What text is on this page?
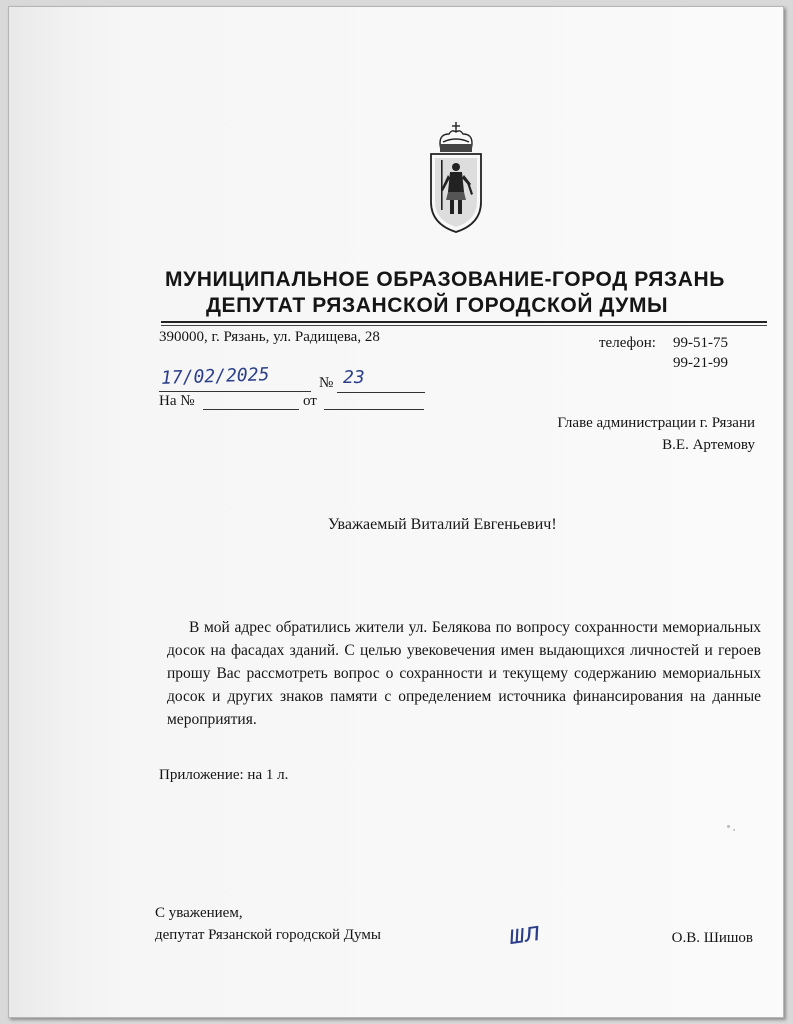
МУНИЦИПАЛЬНОЕ ОБРАЗОВАНИЕ-ГОРОД РЯЗАНЬ
ДЕПУТАТ РЯЗАНСКОЙ ГОРОДСКОЙ ДУМЫ
390000, г. Рязань, ул. Радищева, 28	телефон: 99-51-75
99-21-99
17/02/2025	№ 23
На №	от
Главе администрации г. Рязани
В.Е. Артемову
Уважаемый Виталий Евгеньевич!

В мой адрес обратились жители ул. Белякова по вопросу сохранности мемориальных досок на фасадах зданий. С целью увековечения имен выдающихся личностей и героев прошу Вас рассмотреть вопрос о сохранности и текущему содержанию мемориальных досок и других знаков памяти с определением источника финансирования на данные мероприятия.

Приложение: на 1 л.
С уважением,
депутат Рязанской городской Думы	шл	О.В. Шишов
